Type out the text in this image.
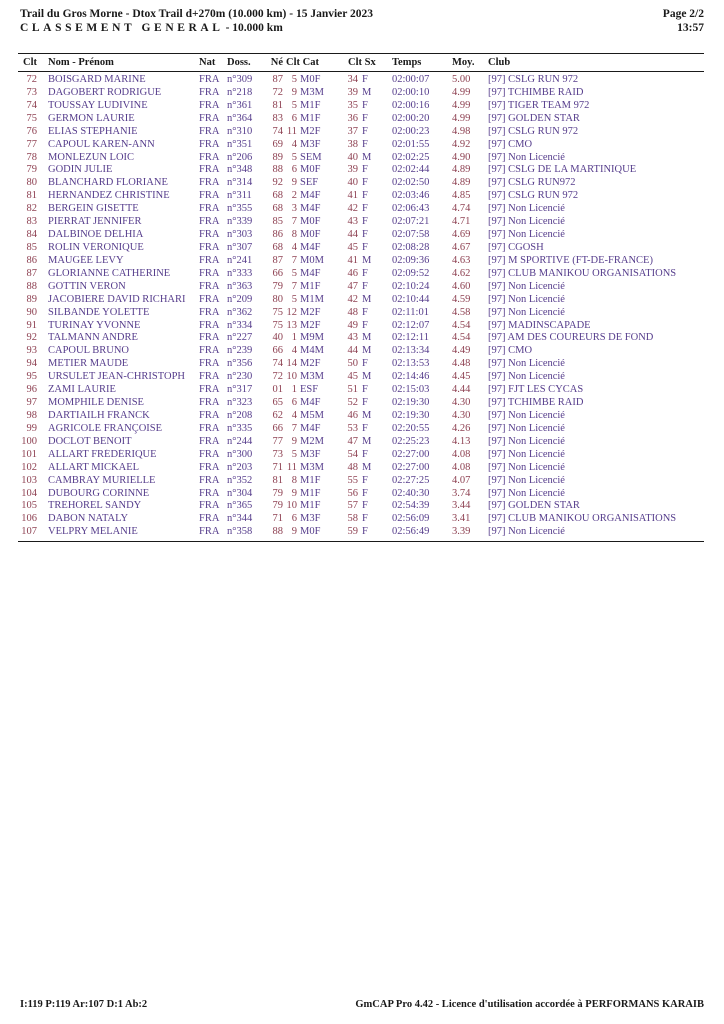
Trail du Gros Morne - Dtox Trail d+270m (10.000 km) - 15 Janvier 2023	Page 2/2
CLASSEMENT GENERAL - 10.000 km	13:57
Clt	Nom - Prénom	Nat	Doss.	Né Clt Cat	Clt Sx	Temps	Moy.	Club
72	BOISGARD MARINE	FRA n°309	87 5 M0F	34 F	02:00:07	5.00	[97] CSLG RUN 972
73	DAGOBERT RODRIGUE	FRA n°218	72 9 M3M	39 M	02:00:10	4.99	[97] TCHIMBE RAID
74	TOUSSAY LUDIVINE	FRA n°361	81 5 M1F	35 F	02:00:16	4.99	[97] TIGER TEAM 972
75	GERMON LAURIE	FRA n°364	83 6 M1F	36 F	02:00:20	4.99	[97] GOLDEN STAR
76	ELIAS STEPHANIE	FRA n°310	74 11 M2F	37 F	02:00:23	4.98	[97] CSLG RUN 972
77	CAPOUL KAREN-ANN	FRA n°351	69 4 M3F	38 F	02:01:55	4.92	[97] CMO
78	MONLEZUN LOIC	FRA n°206	89 5 SEM	40 M	02:02:25	4.90	[97] Non Licencié
79	GODIN JULIE	FRA n°348	88 6 M0F	39 F	02:02:44	4.89	[97] CSLG DE LA MARTINIQUE
80	BLANCHARD FLORIANE	FRA n°314	92 9 SEF	40 F	02:02:50	4.89	[97] CSLG RUN972
81	HERNANDEZ CHRISTINE	FRA n°311	68 2 M4F	41 F	02:03:46	4.85	[97] CSLG RUN 972
82	BERGEIN GISETTE	FRA n°355	68 3 M4F	42 F	02:06:43	4.74	[97] Non Licencié
83	PIERRAT JENNIFER	FRA n°339	85 7 M0F	43 F	02:07:21	4.71	[97] Non Licencié
84	DALBINOE DÉLHIA	FRA n°303	86 8 M0F	44 F	02:07:58	4.69	[97] Non Licencié
85	ROLIN VÉRONIQUE	FRA n°307	68 4 M4F	45 F	02:08:28	4.67	[97] CGOSH
86	MAUGÉE LEVY	FRA n°241	87 7 M0M	41 M	02:09:36	4.63	[97] M SPORTIVE (FT-DE-FRANCE)
87	GLORIANNE CATHERINE	FRA n°333	66 5 M4F	46 F	02:09:52	4.62	[97] CLUB MANIKOU ORGANISATIONS
88	GOTTIN VERON	FRA n°363	79 7 M1F	47 F	02:10:24	4.60	[97] Non Licencié
89	JACOBIERE DAVID RICHARI	FRA n°209	80 5 M1M	42 M	02:10:44	4.59	[97] Non Licencié
90	SILBANDE YOLETTE	FRA n°362	75 12 M2F	48 F	02:11:01	4.58	[97] Non Licencié
91	TURINAY YVONNE	FRA n°334	75 13 M2F	49 F	02:12:07	4.54	[97] MADINSCAPADE
92	TALMANN ANDRE	FRA n°227	40 1 M9M	43 M	02:12:11	4.54	[97] AM DES COUREURS DE FOND
93	CAPOUL BRUNO	FRA n°239	66 4 M4M	44 M	02:13:34	4.49	[97] CMO
94	METIER MAUDE	FRA n°356	74 14 M2F	50 F	02:13:53	4.48	[97] Non Licencié
95	URSULET JEAN-CHRISTOPH	FRA n°230	72 10 M3M	45 M	02:14:46	4.45	[97] Non Licencié
96	ZAMI LAURIE	FRA n°317	01 1 ESF	51 F	02:15:03	4.44	[97] FJT LES CYCAS
97	MOMPHILE DENISE	FRA n°323	65 6 M4F	52 F	02:19:30	4.30	[97] TCHIMBE RAID
98	DARTIAILH FRANCK	FRA n°208	62 4 M5M	46 M	02:19:30	4.30	[97] Non Licencié
99	AGRICOLE FRANÇOISE	FRA n°335	66 7 M4F	53 F	02:20:55	4.26	[97] Non Licencié
100	DOCLOT BENOIT	FRA n°244	77 9 M2M	47 M	02:25:23	4.13	[97] Non Licencié
101	ALLART FRÉDÉRIQUE	FRA n°300	73 5 M3F	54 F	02:27:00	4.08	[97] Non Licencié
102	ALLART MICKAEL	FRA n°203	71 11 M3M	48 M	02:27:00	4.08	[97] Non Licencié
103	CAMBRAY MURIELLE	FRA n°352	81 8 M1F	55 F	02:27:25	4.07	[97] Non Licencié
104	DUBOURG CORINNE	FRA n°304	79 9 M1F	56 F	02:40:30	3.74	[97] Non Licencié
105	TREHOREL SANDY	FRA n°365	79 10 M1F	57 F	02:54:39	3.44	[97] GOLDEN STAR
106	DABON NATALY	FRA n°344	71 6 M3F	58 F	02:56:09	3.41	[97] CLUB MANIKOU ORGANISATIONS
107	VELPRY MELANIE	FRA n°358	88 9 M0F	59 F	02:56:49	3.39	[97] Non Licencié
I:119 P:119 Ar:107 D:1 Ab:2	GmCAP Pro 4.42 - Licence d'utilisation accordée à PERFORMANS KARAIB
